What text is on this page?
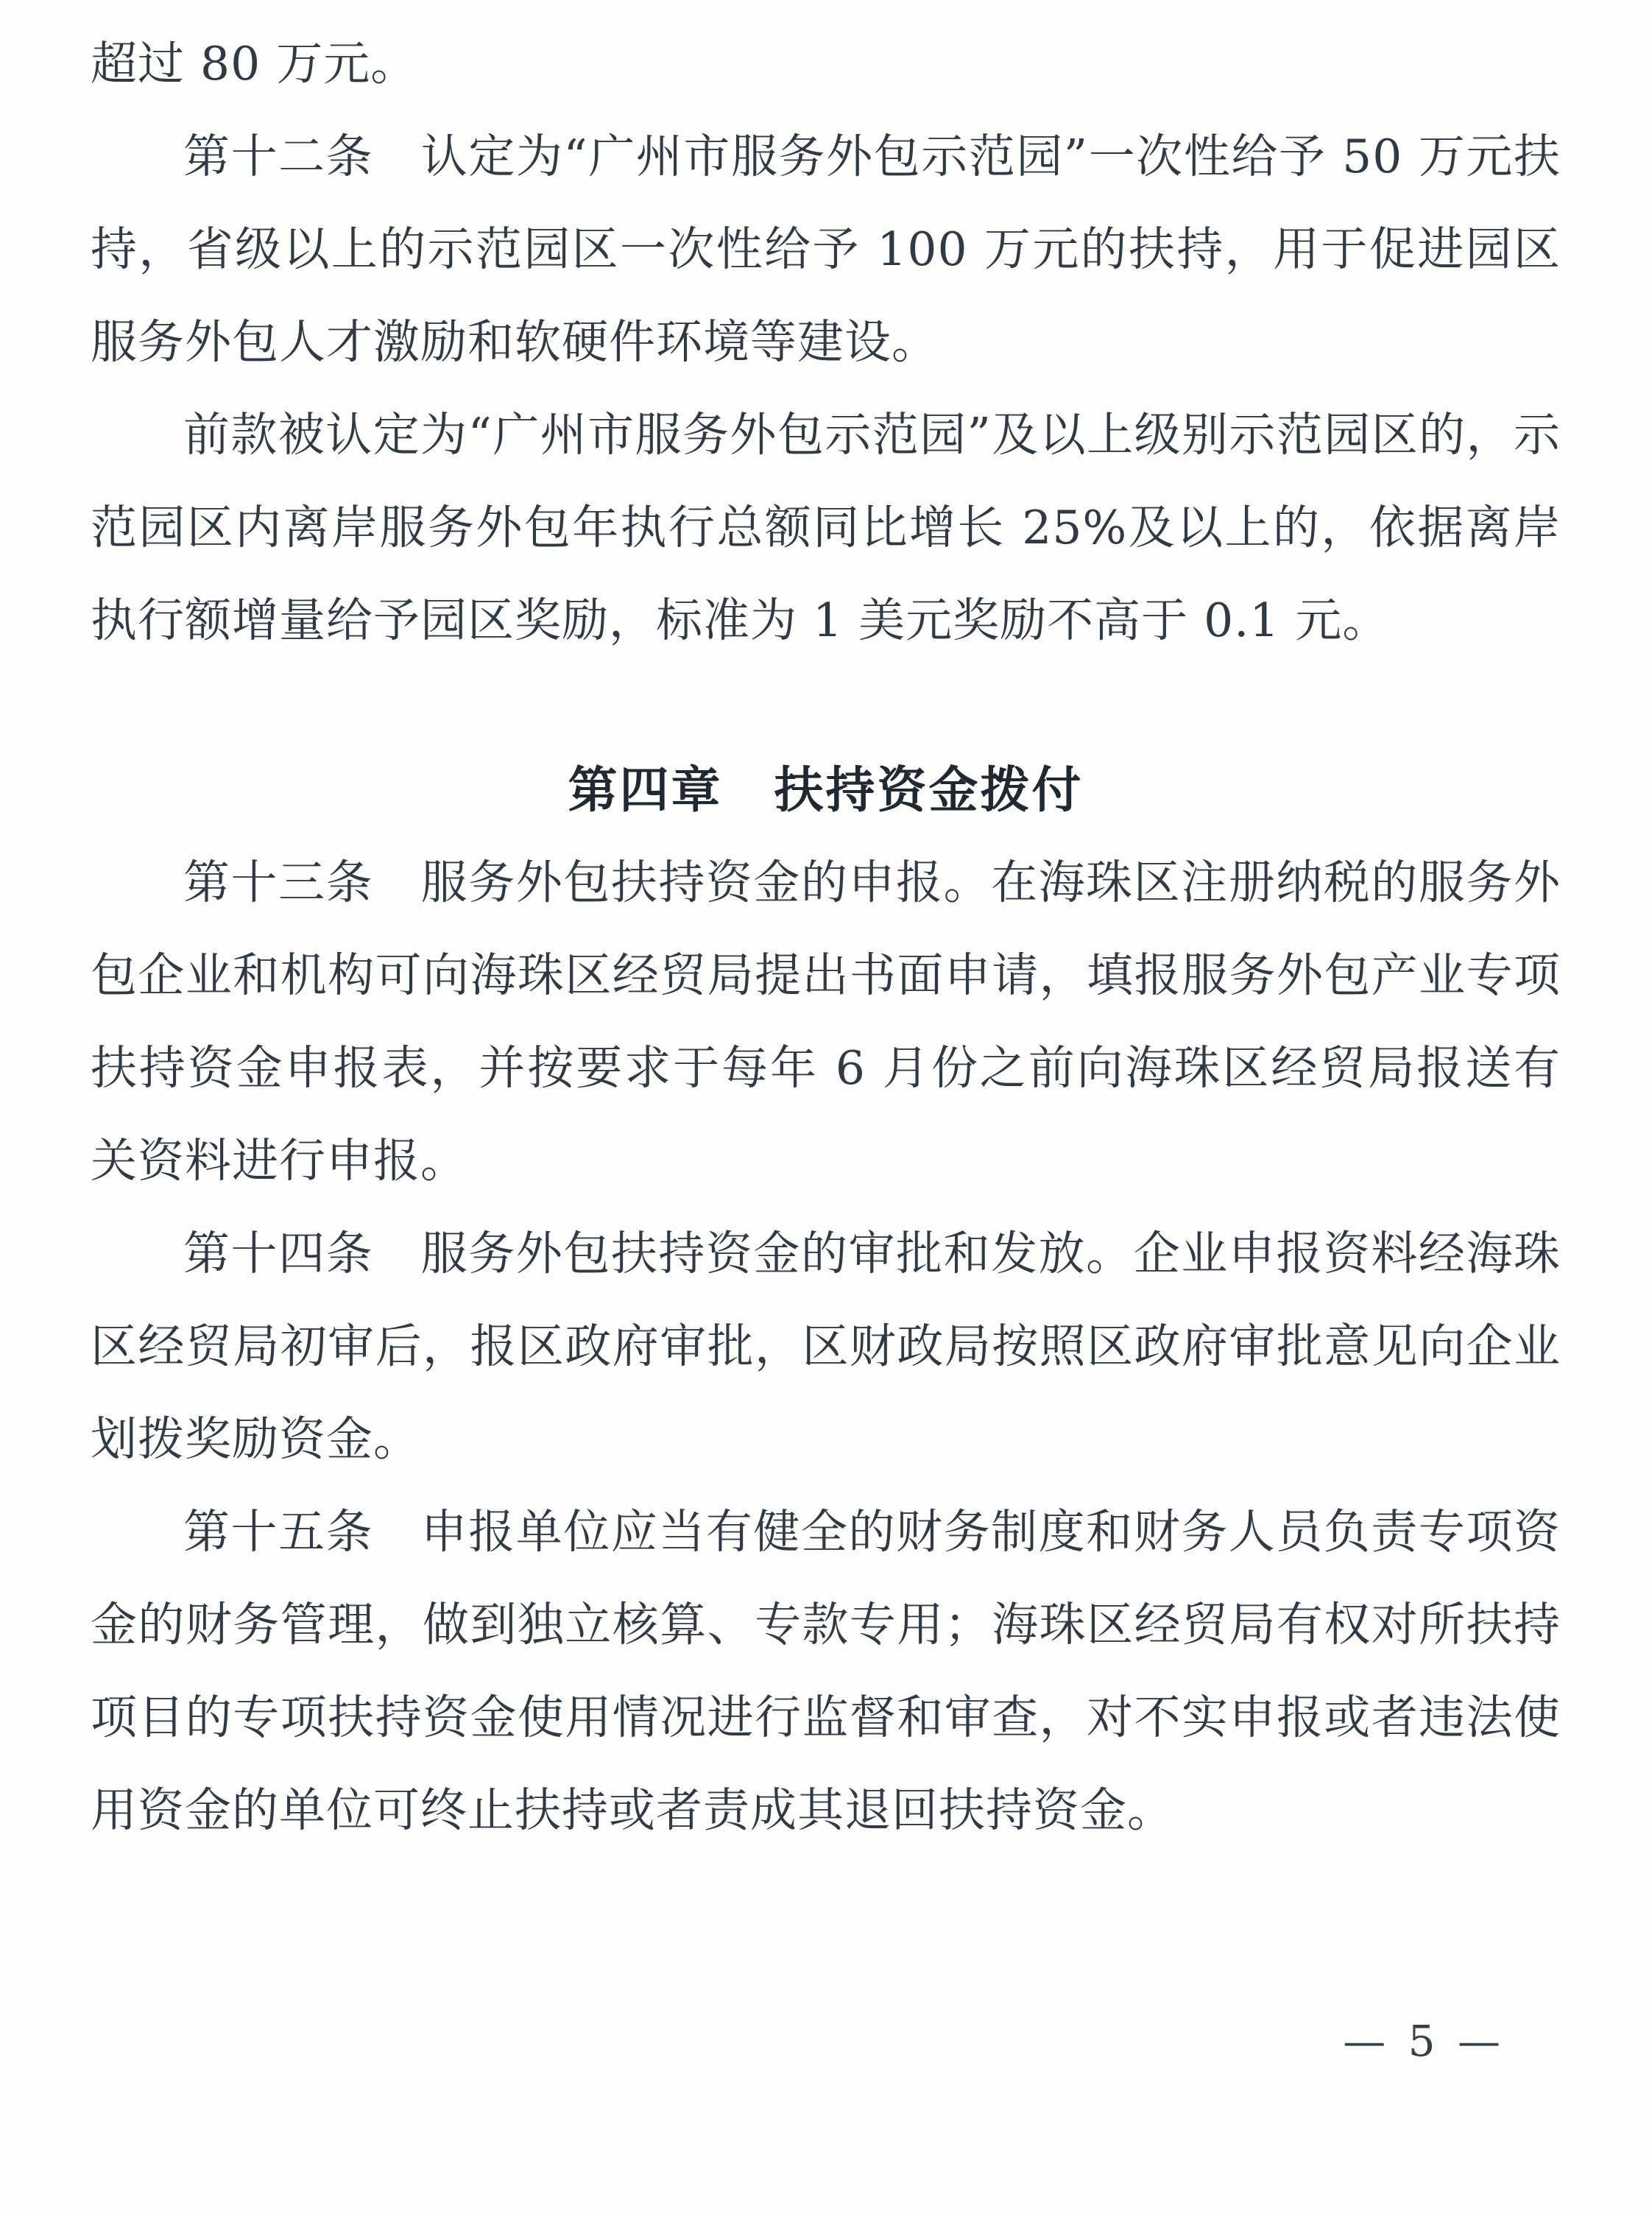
超过 80 万元。

第十二条　认定为“广州市服务外包示范园”一次性给予 50 万元扶持，省级以上的示范园区一次性给予 100 万元的扶持，用于促进园区服务外包人才激励和软硬件环境等建设。

前款被认定为“广州市服务外包示范园”及以上级别示范园区的，示范园区内离岸服务外包年执行总额同比增长 25%及以上的，依据离岸执行额增量给予园区奖励，标准为 1 美元奖励不高于 0.1 元。

第四章　扶持资金拨付

第十三条　服务外包扶持资金的申报。在海珠区注册纳税的服务外包企业和机构可向海珠区经贸局提出书面申请，填报服务外包产业专项扶持资金申报表，并按要求于每年 6 月份之前向海珠区经贸局报送有关资料进行申报。

第十四条　服务外包扶持资金的审批和发放。企业申报资料经海珠区经贸局初审后，报区政府审批，区财政局按照区政府审批意见向企业划拨奖励资金。

第十五条　申报单位应当有健全的财务制度和财务人员负责专项资金的财务管理，做到独立核算、专款专用；海珠区经贸局有权对所扶持项目的专项扶持资金使用情况进行监督和审查，对不实申报或者违法使用资金的单位可终止扶持或者责成其退回扶持资金。

— 5 —
